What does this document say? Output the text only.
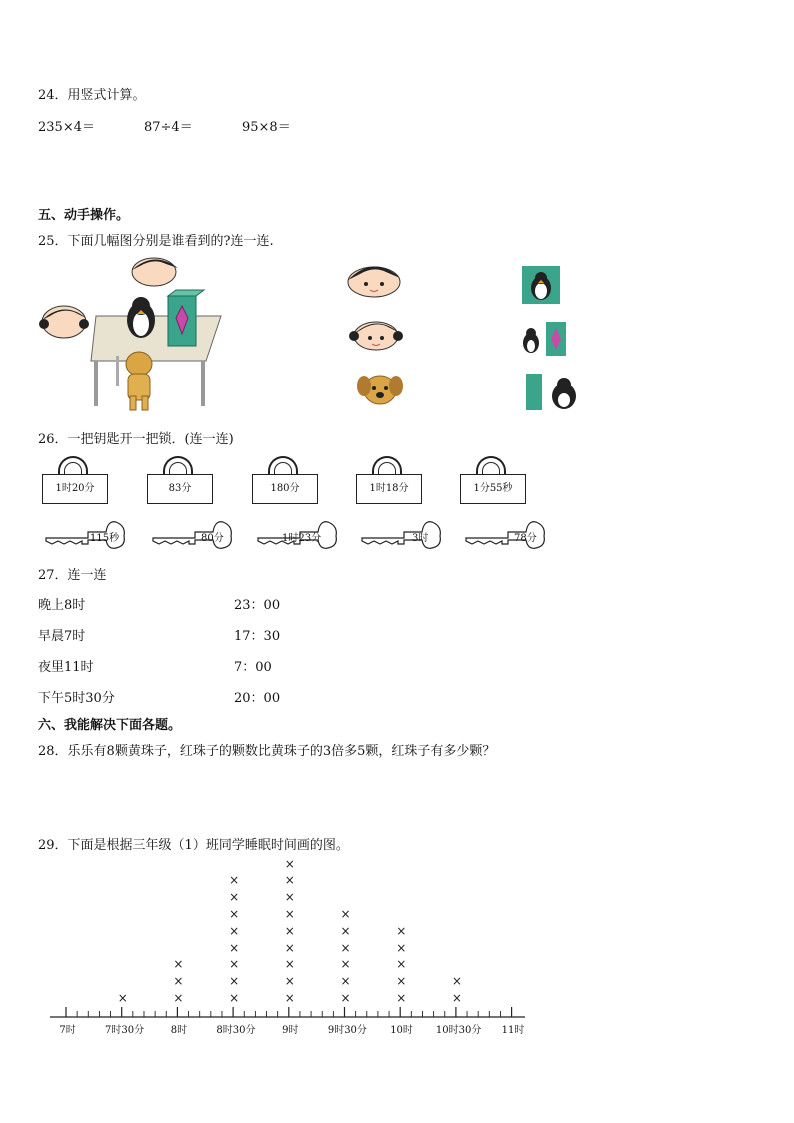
24．用竖式计算。
235×4＝	87÷4＝	95×8＝
五、动手操作。
25．下面几幅图分别是谁看到的?连一连.
26．一把钥匙开一把锁．(连一连)
1时20分	83分	180分	1时18分	1分55秒
115秒	80分	1时23分	3时	78分
27．连一连
晚上8时
早晨7时
夜里11时
下午5时30分
23：00
17：30
7：00
20：00
六、我能解决下面各题。
28．乐乐有8颗黄珠子，红珠子的颗数比黄珠子的3倍多5颗，红珠子有多少颗？
29．下面是根据三年级（1）班同学睡眠时间画的图。
7时	7时30分
×
8时
×
×
×
8时30分
×
×
×
×
×
×
×
×
9时
×
×
×
×
×
×
×
×
×
9时30分
×
×
×
×
×
×
10时
×
×
×
×
×
10时30分
×
×
11时
